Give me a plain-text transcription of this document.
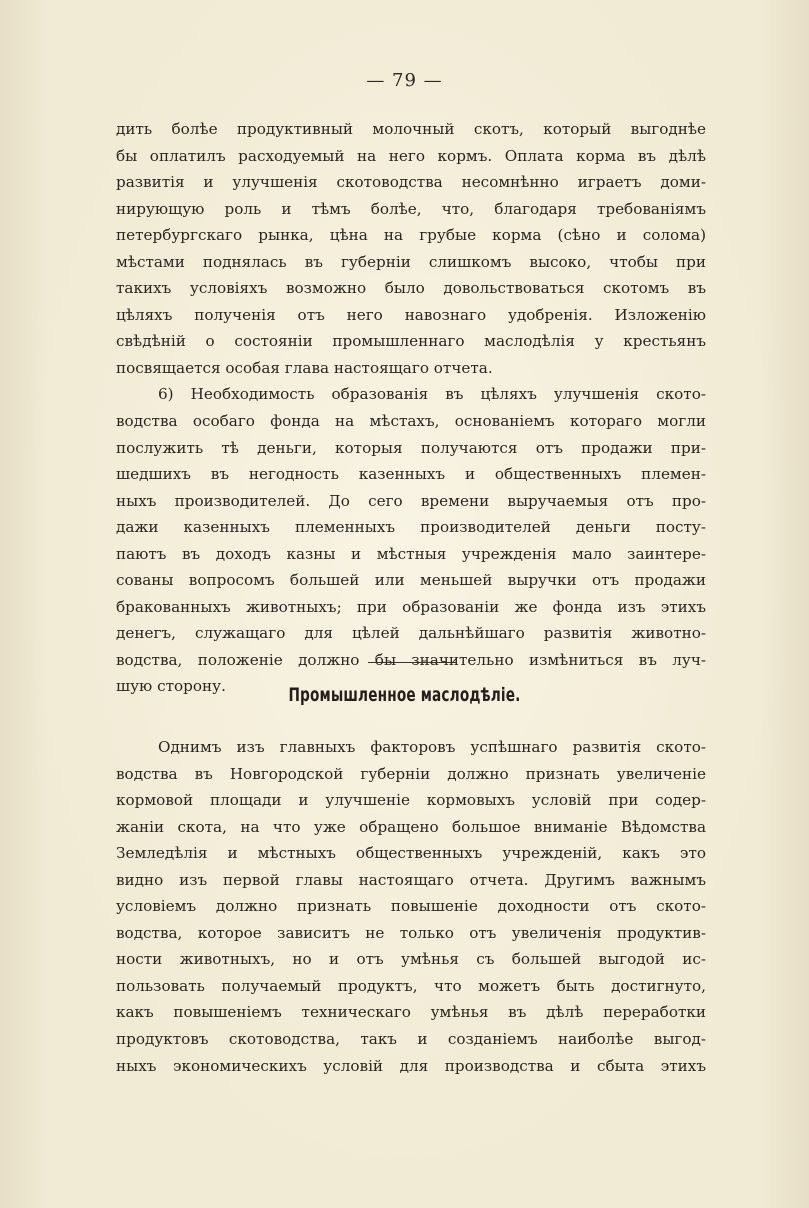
— 79 —
дить болѣе продуктивный молочный скотъ, который выгоднѣе
бы оплатилъ расходуемый на него кормъ. Оплата корма въ дѣлѣ
развитія и улучшенія скотоводства несомнѣнно играетъ доми-
нирующую роль и тѣмъ болѣе, что, благодаря требованіямъ
петербургскаго рынка, цѣна на грубые корма (сѣно и солома)
мѣстами поднялась въ губерніи слишкомъ высоко, чтобы при
такихъ условіяхъ возможно было довольствоваться скотомъ въ
цѣляхъ полученія отъ него навознаго удобренія. Изложенію
свѣдѣній о состояніи промышленнаго маслодѣлія у крестьянъ
посвящается особая глава настоящаго отчета.
6) Необходимость образованія въ цѣляхъ улучшенія ското-
водства особаго фонда на мѣстахъ, основаніемъ котораго могли
послужить тѣ деньги, которыя получаются отъ продажи при-
шедшихъ въ негодность казенныхъ и общественныхъ племен-
ныхъ производителей. До сего времени выручаемыя отъ про-
дажи казенныхъ племенныхъ производителей деньги посту-
паютъ въ доходъ казны и мѣстныя учрежденія мало заинтере-
сованы вопросомъ большей или меньшей выручки отъ продажи
бракованныхъ животныхъ; при образованіи же фонда изъ этихъ
денегъ, служащаго для цѣлей дальнѣйшаго развитія животно-
водства, положеніе должно бы значительно измѣниться въ луч-
шую сторону.	Промышленное маслодѣліе.
Однимъ изъ главныхъ факторовъ успѣшнаго развитія ското-
водства въ Новгородской губерніи должно признать увеличеніе
кормовой площади и улучшеніе кормовыхъ условій при содер-
жаніи скота, на что уже обращено большое вниманіе Вѣдомства
Земледѣлія и мѣстныхъ общественныхъ учрежденій, какъ это
видно изъ первой главы настоящаго отчета. Другимъ важнымъ
условіемъ должно признать повышеніе доходности отъ ското-
водства, которое зависитъ не только отъ увеличенія продуктив-
ности животныхъ, но и отъ умѣнья съ большей выгодой ис-
пользовать получаемый продуктъ, что можетъ быть достигнуто,
какъ повышеніемъ техническаго умѣнья въ дѣлѣ переработки
продуктовъ скотоводства, такъ и созданіемъ наиболѣе выгод-
ныхъ экономическихъ условій для производства и сбыта этихъ
